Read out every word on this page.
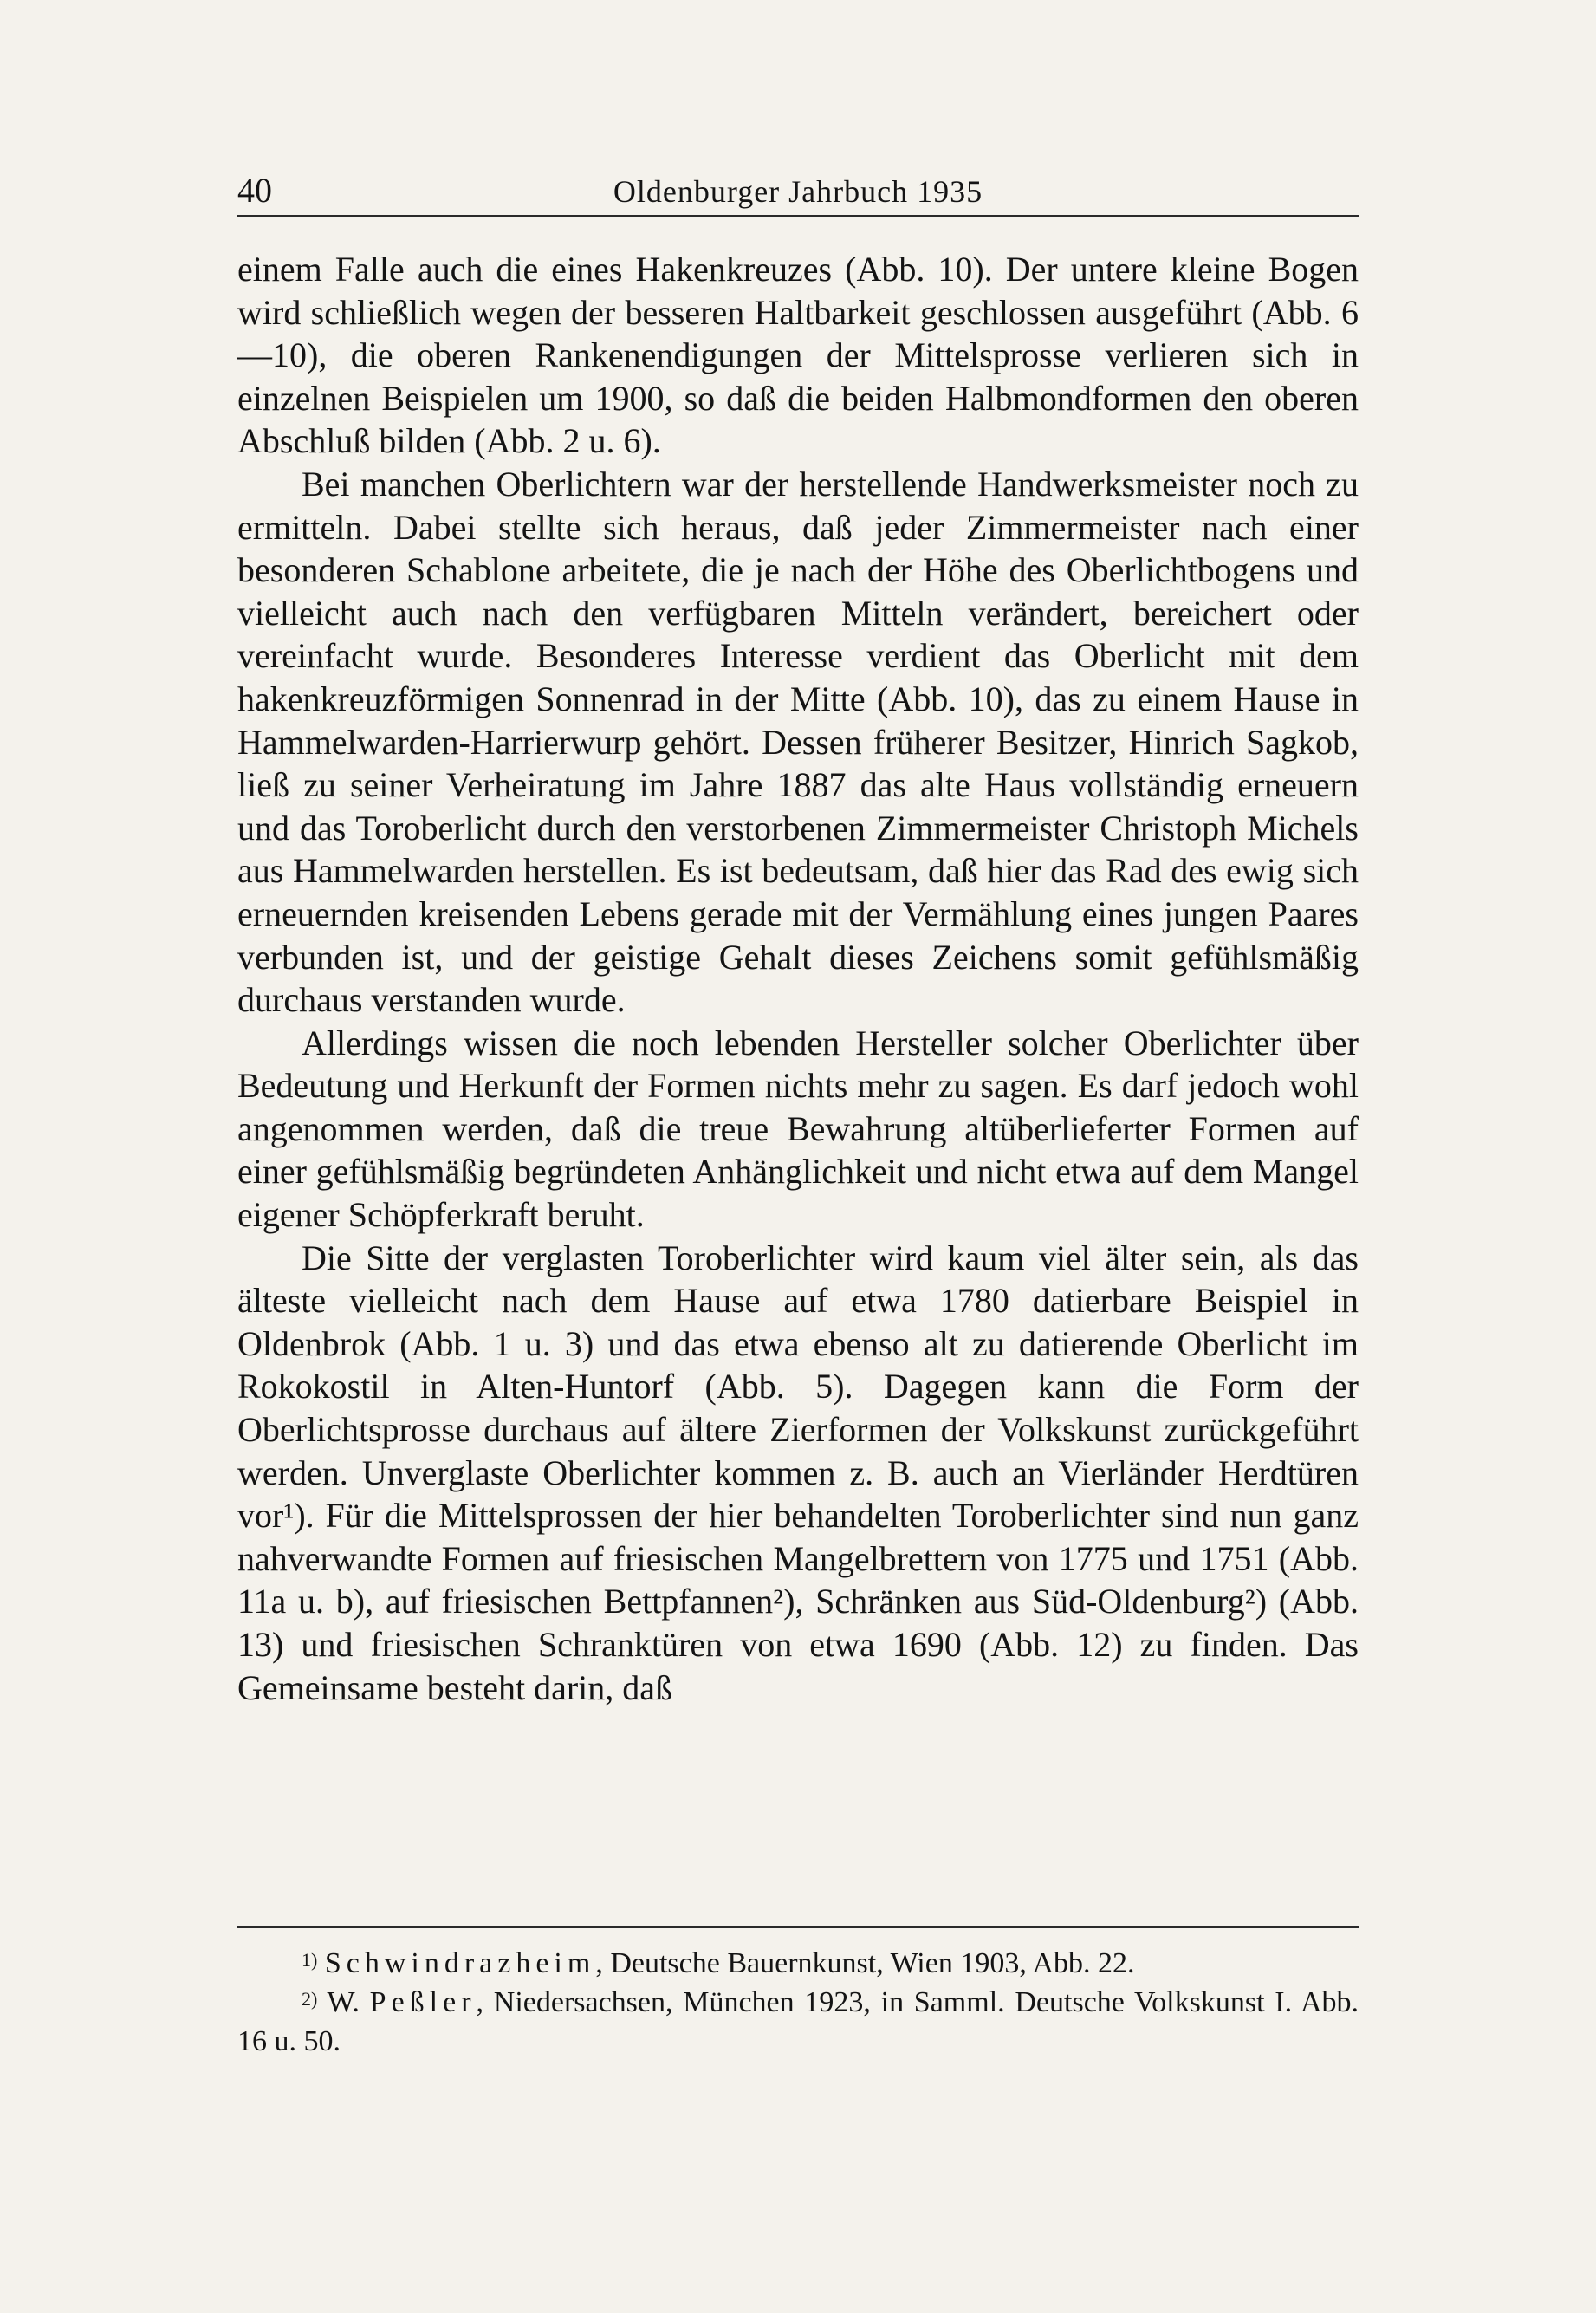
40	Oldenburger Jahrbuch 1935

einem Falle auch die eines Hakenkreuzes (Abb. 10). Der untere kleine Bogen wird schließlich wegen der besseren Haltbarkeit geschlossen ausgeführt (Abb. 6—10), die oberen Rankenendigungen der Mittelsprosse verlieren sich in einzelnen Beispielen um 1900, so daß die beiden Halbmondformen den oberen Abschluß bilden (Abb. 2 u. 6).

Bei manchen Oberlichtern war der herstellende Handwerksmeister noch zu ermitteln. Dabei stellte sich heraus, daß jeder Zimmermeister nach einer besonderen Schablone arbeitete, die je nach der Höhe des Oberlichtbogens und vielleicht auch nach den verfügbaren Mitteln verändert, bereichert oder vereinfacht wurde. Besonderes Interesse verdient das Oberlicht mit dem hakenkreuzförmigen Sonnenrad in der Mitte (Abb. 10), das zu einem Hause in Hammelwarden-Harrierwurp gehört. Dessen früherer Besitzer, Hinrich Sagkob, ließ zu seiner Verheiratung im Jahre 1887 das alte Haus vollständig erneuern und das Toroberlicht durch den verstorbenen Zimmermeister Christoph Michels aus Hammelwarden herstellen. Es ist bedeutsam, daß hier das Rad des ewig sich erneuernden kreisenden Lebens gerade mit der Vermählung eines jungen Paares verbunden ist, und der geistige Gehalt dieses Zeichens somit gefühlsmäßig durchaus verstanden wurde.

Allerdings wissen die noch lebenden Hersteller solcher Oberlichter über Bedeutung und Herkunft der Formen nichts mehr zu sagen. Es darf jedoch wohl angenommen werden, daß die treue Bewahrung altüberlieferter Formen auf einer gefühlsmäßig begründeten Anhänglichkeit und nicht etwa auf dem Mangel eigener Schöpferkraft beruht.

Die Sitte der verglasten Toroberlichter wird kaum viel älter sein, als das älteste vielleicht nach dem Hause auf etwa 1780 datierbare Beispiel in Oldenbrok (Abb. 1 u. 3) und das etwa ebenso alt zu datierende Oberlicht im Rokokostil in Alten-Huntorf (Abb. 5). Dagegen kann die Form der Oberlichtsprosse durchaus auf ältere Zierformen der Volkskunst zurückgeführt werden. Unverglaste Oberlichter kommen z. B. auch an Vierländer Herdtüren vor¹). Für die Mittelsprossen der hier behandelten Toroberlichter sind nun ganz nahverwandte Formen auf friesischen Mangelbrettern von 1775 und 1751 (Abb. 11a u. b), auf friesischen Bettpfannen²), Schränken aus Süd-Oldenburg²) (Abb. 13) und friesischen Schranktüren von etwa 1690 (Abb. 12) zu finden. Das Gemeinsame besteht darin, daß

$^{1)}$ Schwindrazheim, Deutsche Bauernkunst, Wien 1903, Abb. 22.

$^{2)}$ W. Peßler, Niedersachsen, München 1923, in Samml. Deutsche Volkskunst I. Abb. 16 u. 50.
